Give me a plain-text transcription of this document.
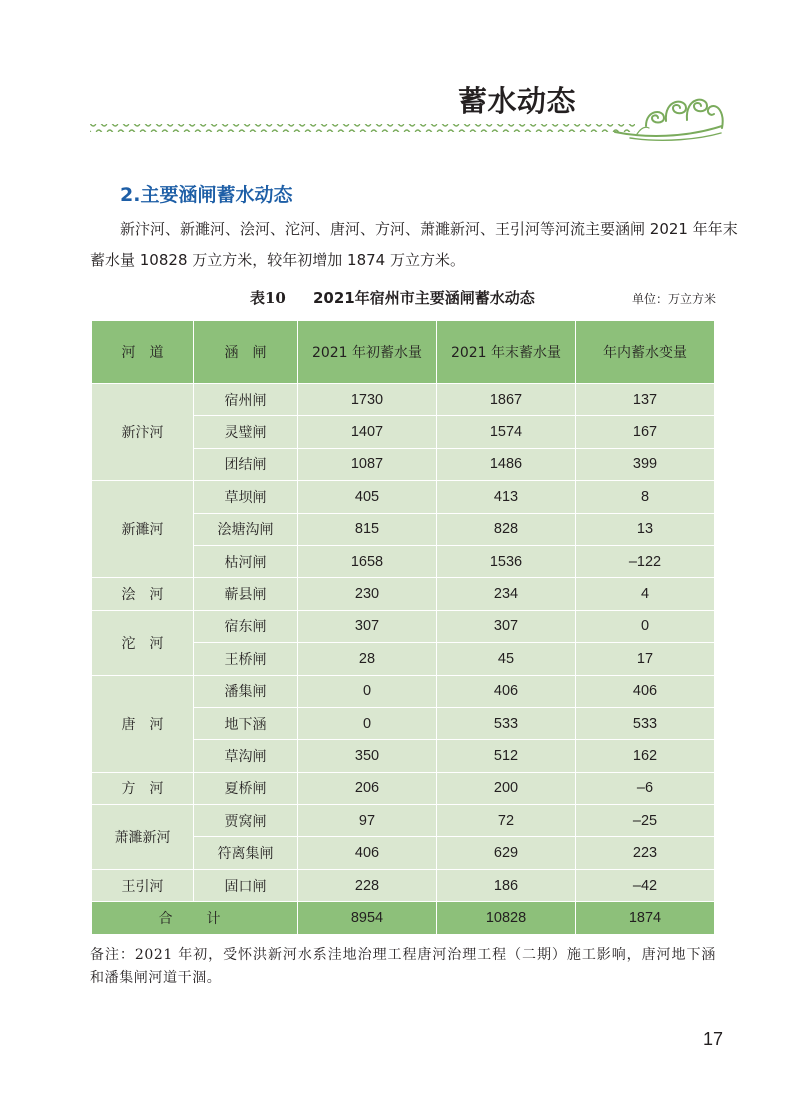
蓄水动态
2.主要涵闸蓄水动态
新汴河、新濉河、浍河、沱河、唐河、方河、萧濉新河、王引河等河流主要涵闸 2021 年年末
蓄水量 10828 万立方米，较年初增加 1874 万立方米。
表10 2021年宿州市主要涵闸蓄水动态	单位：万立方米
河　道	涵　闸	2021 年初蓄水量	2021 年末蓄水量	年内蓄水变量
新汴河	宿州闸	1730	1867	137
	灵璧闸	1407	1574	167
	团结闸	1087	1486	399
新濉河	草坝闸	405	413	8
	浍塘沟闸	815	828	13
	枯河闸	1658	1536	–122
浍　河	蕲县闸	230	234	4
沱　河	宿东闸	307	307	0
	王桥闸	28	45	17
唐　河	潘集闸	0	406	406
	地下涵	0	533	533
	草沟闸	350	512	162
方　河	夏桥闸	206	200	–6
萧濉新河	贾窝闸	97	72	–25
	符离集闸	406	629	223
王引河	固口闸	228	186	–42
合　计		8954	10828	1874
备注：2021 年初，受怀洪新河水系洼地治理工程唐河治理工程（二期）施工影响，唐河地下涵和潘集闸河道干涸。
17
